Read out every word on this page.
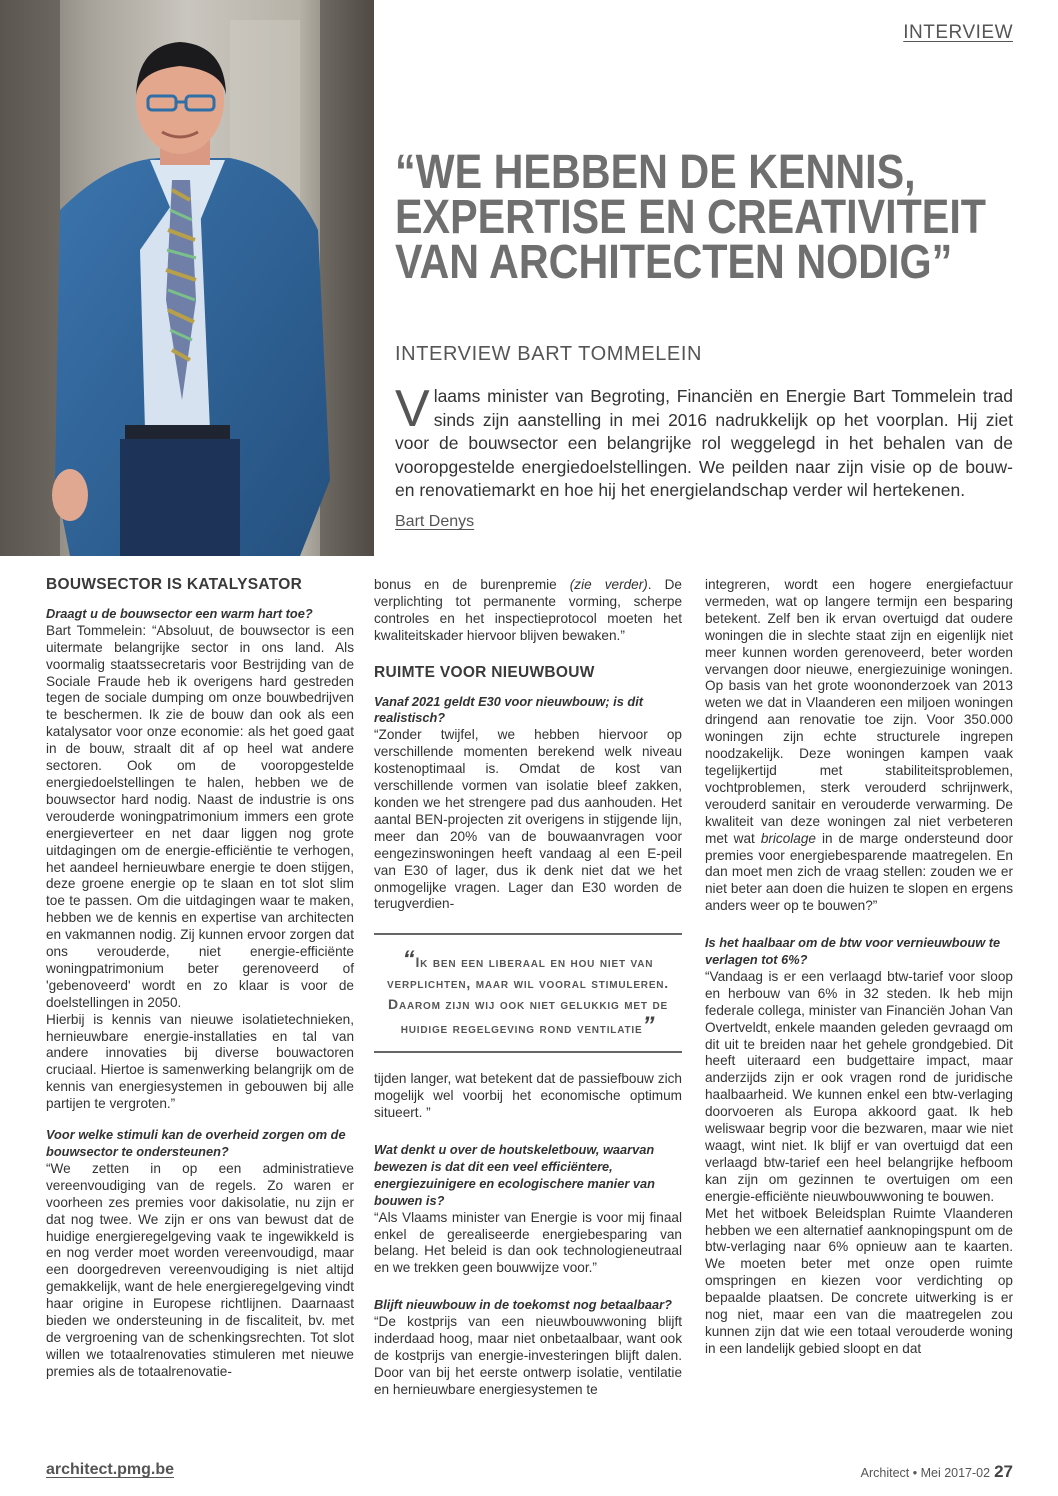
INTERVIEW
“WE HEBBEN DE KENNIS,
EXPERTISE EN CREATIVITEIT
VAN ARCHITECTEN NODIG”
INTERVIEW BART TOMMELEIN
Vlaams minister van Begroting, Financiën en Energie Bart Tommelein trad sinds zijn aanstelling in mei 2016 nadrukkelijk op het voorplan. Hij ziet voor de bouwsector een belangrijke rol weggelegd in het behalen van de vooropgestelde energiedoelstellingen. We peilden naar zijn visie op de bouw- en renovatiemarkt en hoe hij het energielandschap verder wil hertekenen.
Bart Denys

BOUWSECTOR IS KATALYSATOR

Draagt u de bouwsector een warm hart toe?

Bart Tommelein: “Absoluut, de bouwsector is een uitermate belangrijke sector in ons land. Als voormalig staatssecretaris voor Bestrijding van de Sociale Fraude heb ik overigens hard gestreden tegen de sociale dumping om onze bouwbedrijven te beschermen. Ik zie de bouw dan ook als een katalysator voor onze economie: als het goed gaat in de bouw, straalt dit af op heel wat andere sectoren. Ook om de vooropgestelde energiedoelstellingen te halen, hebben we de bouwsector hard nodig. Naast de industrie is ons verouderde woningpatrimonium immers een grote energieverteer en net daar liggen nog grote uitdagingen om de energie-efficiëntie te verhogen, het aandeel hernieuwbare energie te doen stijgen, deze groene energie op te slaan en tot slot slim toe te passen. Om die uitdagingen waar te maken, hebben we de kennis en expertise van architecten en vakmannen nodig. Zij kunnen ervoor zorgen dat ons verouderde, niet energie-efficiënte woningpatrimonium beter gerenoveerd of 'gebenoveerd' wordt en zo klaar is voor de doelstellingen in 2050.

Hierbij is kennis van nieuwe isolatietechnieken, hernieuwbare energie-installaties en tal van andere innovaties bij diverse bouwactoren cruciaal. Hiertoe is samenwerking belangrijk om de kennis van energiesystemen in gebouwen bij alle partijen te vergroten.”

Voor welke stimuli kan de overheid zorgen om de bouwsector te ondersteunen?

“We zetten in op een administratieve vereenvoudiging van de regels. Zo waren er voorheen zes premies voor dakisolatie, nu zijn er dat nog twee. We zijn er ons van bewust dat de huidige energieregelgeving vaak te ingewikkeld is en nog verder moet worden vereenvoudigd, maar een doorgedreven vereenvoudiging is niet altijd gemakkelijk, want de hele energieregelgeving vindt haar origine in Europese richtlijnen. Daarnaast bieden we ondersteuning in de fiscaliteit, bv. met de vergroening van de schenkingsrechten. Tot slot willen we totaalrenovaties stimuleren met nieuwe premies als de totaalrenovatie-

bonus en de burenpremie (zie verder). De verplichting tot permanente vorming, scherpe controles en het inspectieprotocol moeten het kwaliteitskader hiervoor blijven bewaken.”

RUIMTE VOOR NIEUWBOUW

Vanaf 2021 geldt E30 voor nieuwbouw; is dit realistisch?

“Zonder twijfel, we hebben hiervoor op verschillende momenten berekend welk niveau kostenoptimaal is. Omdat de kost van verschillende vormen van isolatie bleef zakken, konden we het strengere pad dus aanhouden. Het aantal BEN-projecten zit overigens in stijgende lijn, meer dan 20% van de bouwaanvragen voor eengezinswoningen heeft vandaag al een E-peil van E30 of lager, dus ik denk niet dat we het onmogelijke vragen. Lager dan E30 worden de terugverdien-

“Ik ben een liberaal en hou niet van verplichten, maar wil vooral stimuleren.
Daarom zijn wij ook niet gelukkig met de huidige regelgeving rond ventilatie”

tijden langer, wat betekent dat de passiefbouw zich mogelijk wel voorbij het economische optimum situeert. ”

Wat denkt u over de houtskeletbouw, waarvan bewezen is dat dit een veel efficiëntere, energiezuinigere en ecologischere manier van bouwen is?

“Als Vlaams minister van Energie is voor mij finaal enkel de gerealiseerde energiebesparing van belang. Het beleid is dan ook technologieneutraal en we trekken geen bouwwijze voor.”

Blijft nieuwbouw in de toekomst nog betaalbaar?

“De kostprijs van een nieuwbouwwoning blijft inderdaad hoog, maar niet onbetaalbaar, want ook de kostprijs van energie-investeringen blijft dalen. Door van bij het eerste ontwerp isolatie, ventilatie en hernieuwbare energiesystemen te

integreren, wordt een hogere energiefactuur vermeden, wat op langere termijn een besparing betekent. Zelf ben ik ervan overtuigd dat oudere woningen die in slechte staat zijn en eigenlijk niet meer kunnen worden gerenoveerd, beter worden vervangen door nieuwe, energiezuinige woningen. Op basis van het grote woononderzoek van 2013 weten we dat in Vlaanderen een miljoen woningen dringend aan renovatie toe zijn. Voor 350.000 woningen zijn echte structurele ingrepen noodzakelijk. Deze woningen kampen vaak tegelijkertijd met stabiliteitsproblemen, vochtproblemen, sterk verouderd schrijnwerk, verouderd sanitair en verouderde verwarming. De kwaliteit van deze woningen zal niet verbeteren met wat bricolage in de marge ondersteund door premies voor energiebesparende maatregelen. En dan moet men zich de vraag stellen: zouden we er niet beter aan doen die huizen te slopen en ergens anders weer op te bouwen?”

Is het haalbaar om de btw voor vernieuwbouw te verlagen tot 6%?

“Vandaag is er een verlaagd btw-tarief voor sloop en herbouw van 6% in 32 steden. Ik heb mijn federale collega, minister van Financiën Johan Van Overtveldt, enkele maanden geleden gevraagd om dit uit te breiden naar het gehele grondgebied. Dit heeft uiteraard een budgettaire impact, maar anderzijds zijn er ook vragen rond de juridische haalbaarheid. We kunnen enkel een btw-verlaging doorvoeren als Europa akkoord gaat. Ik heb weliswaar begrip voor die bezwaren, maar wie niet waagt, wint niet. Ik blijf er van overtuigd dat een verlaagd btw-tarief een heel belangrijke hefboom kan zijn om gezinnen te overtuigen om een energie-efficiënte nieuwbouwwoning te bouwen.

Met het witboek Beleidsplan Ruimte Vlaanderen hebben we een alternatief aanknopingspunt om de btw-verlaging naar 6% opnieuw aan te kaarten. We moeten beter met onze open ruimte omspringen en kiezen voor verdichting op bepaalde plaatsen. De concrete uitwerking is er nog niet, maar een van die maatregelen zou kunnen zijn dat wie een totaal verouderde woning in een landelijk gebied sloopt en dat

architect.pmg.be	Architect • Mei 2017-02 27
